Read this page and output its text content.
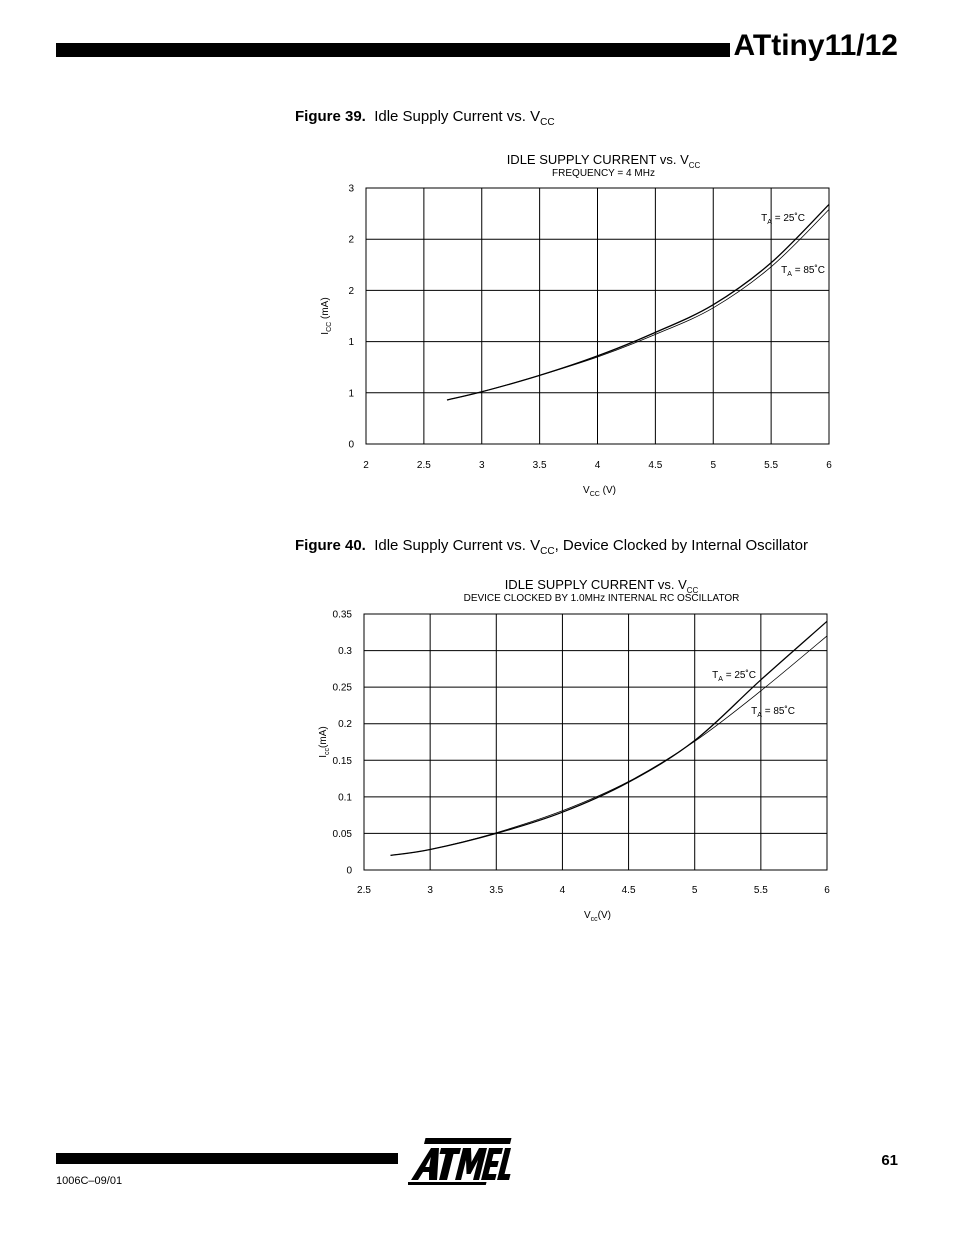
ATtiny11/12
Figure 39. Idle Supply Current vs. $V_{CC}$
IDLE SUPPLY CURRENT vs. $V_{CC}$
FREQUENCY = 4 MHz
2	2.5	3	3.5	4	4.5	5	5.5	6
0
1
1
2
2
3
$V_{CC}$ (V)
$I_{CC}$ (mA)
$T_A$ = 25˚C
$T_A$ = 85˚C
Figure 40. Idle Supply Current vs. $V_{CC}$, Device Clocked by Internal Oscillator
IDLE SUPPLY CURRENT vs. $V_{CC}$
DEVICE CLOCKED BY 1.0MHz INTERNAL RC OSCILLATOR
2.5	3	3.5	4	4.5	5	5.5	6
0
0.05
0.1
0.15
0.2
0.25
0.3
0.35
$V_{cc}(V)$
$I_{cc}(mA)$
$T_A$ = 25˚C
$T_A$ = 85˚C
1006C–09/01
61
